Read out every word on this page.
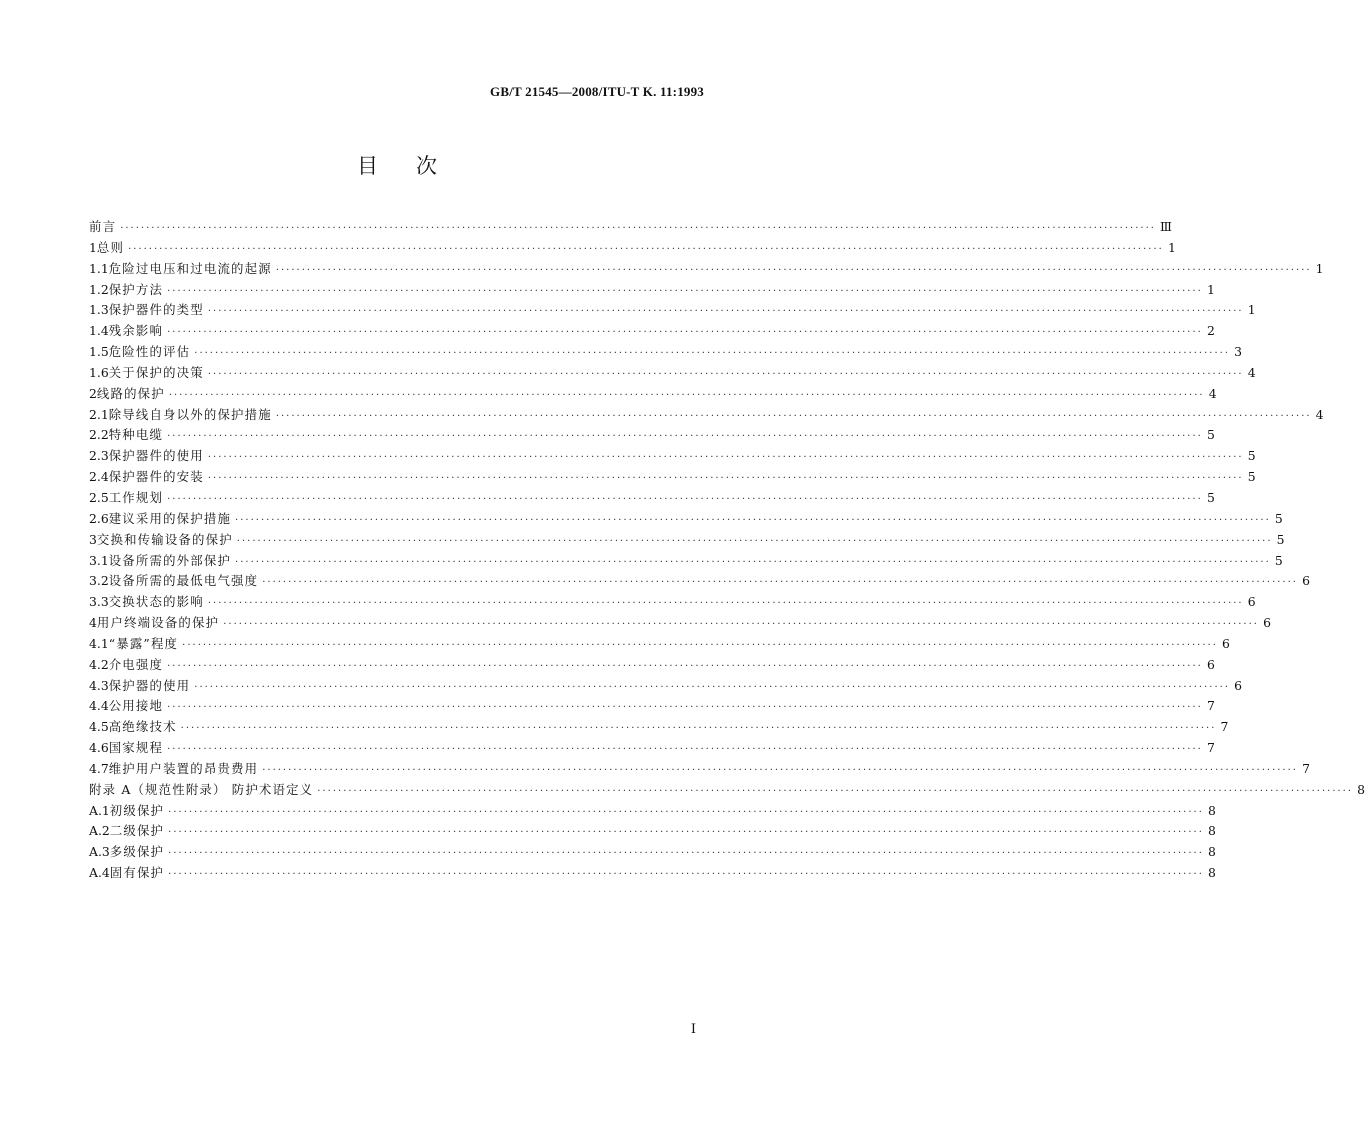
GB/T 21545—2008/ITU-T K. 11:1993
目次
前言 ········································································································································································································ Ⅲ
1 总则 ········································································································································································································ 1
1.1 危险过电压和过电流的起源 ········································································································································································································ 1
1.2 保护方法 ········································································································································································································ 1
1.3 保护器件的类型 ········································································································································································································ 1
1.4 残余影响 ········································································································································································································ 2
1.5 危险性的评估 ········································································································································································································ 3
1.6 关于保护的决策 ········································································································································································································ 4
2 线路的保护 ········································································································································································································ 4
2.1 除导线自身以外的保护措施 ········································································································································································································ 4
2.2 特种电缆 ········································································································································································································ 5
2.3 保护器件的使用 ········································································································································································································ 5
2.4 保护器件的安装 ········································································································································································································ 5
2.5 工作规划 ········································································································································································································ 5
2.6 建议采用的保护措施 ········································································································································································································ 5
3 交换和传输设备的保护 ········································································································································································································ 5
3.1 设备所需的外部保护 ········································································································································································································ 5
3.2 设备所需的最低电气强度 ········································································································································································································ 6
3.3 交换状态的影响 ········································································································································································································ 6
4 用户终端设备的保护 ········································································································································································································ 6
4.1 “暴露”程度 ········································································································································································································ 6
4.2 介电强度 ········································································································································································································ 6
4.3 保护器的使用 ········································································································································································································ 6
4.4 公用接地 ········································································································································································································ 7
4.5 高绝缘技术 ········································································································································································································ 7
4.6 国家规程 ········································································································································································································ 7
4.7 维护用户装置的昂贵费用 ········································································································································································································ 7
附录 A（规范性附录） 防护术语定义 ········································································································································································································ 8
A.1 初级保护 ········································································································································································································ 8
A.2 二级保护 ········································································································································································································ 8
A.3 多级保护 ········································································································································································································ 8
A.4 固有保护 ········································································································································································································ 8
I
